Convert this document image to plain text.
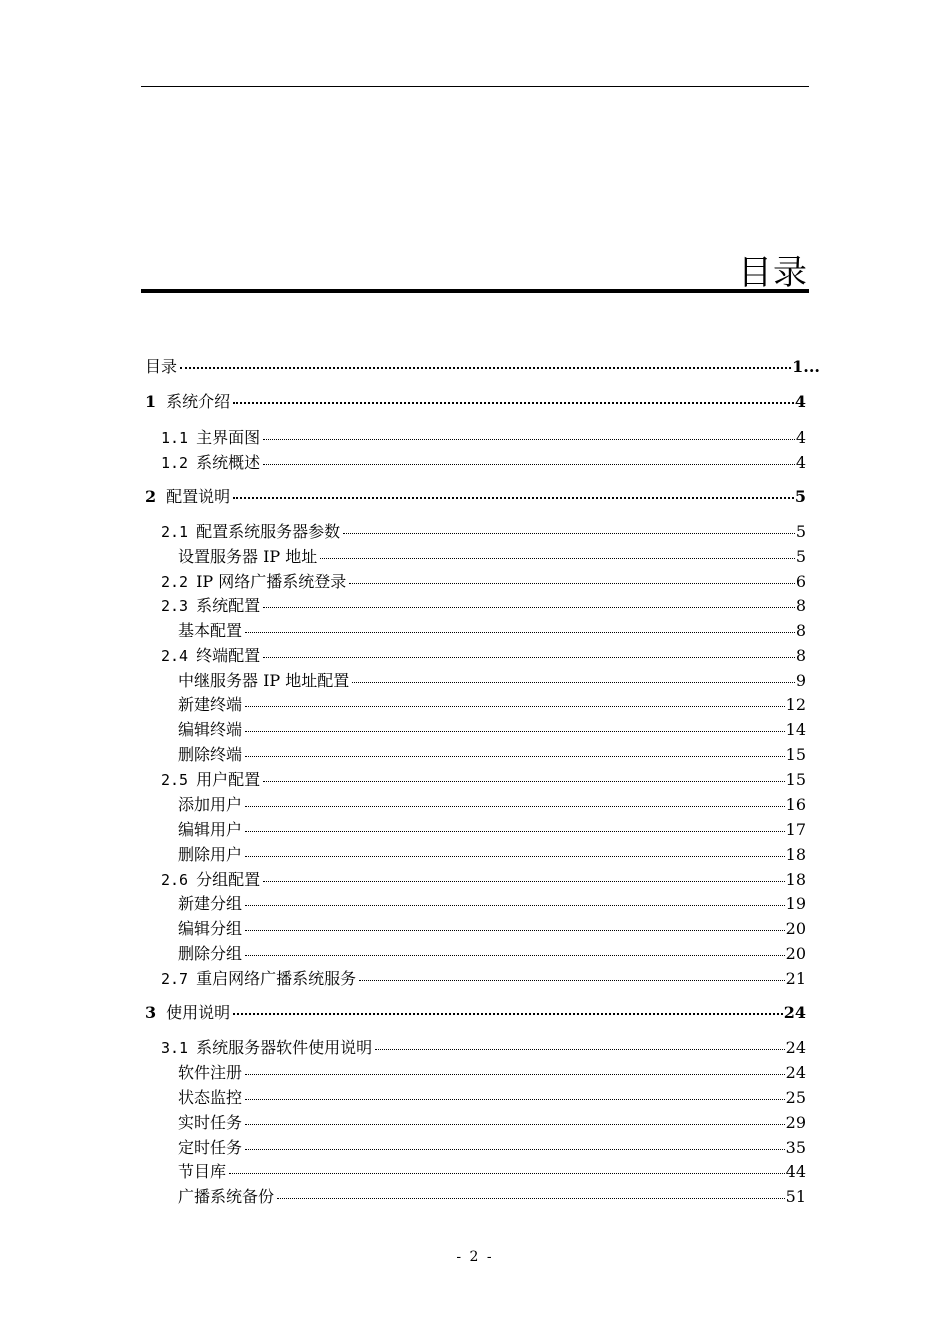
目录
目录	1...
1 系统介绍	4
1.1 主界面图	4
1.2 系统概述	4
2 配置说明	5
2.1 配置系统服务器参数	5
设置服务器 IP 地址	5
2.2 IP 网络广播系统登录	6
2.3 系统配置	8
基本配置	8
2.4 终端配置	8
中继服务器 IP 地址配置	9
新建终端	12
编辑终端	14
删除终端	15
2.5 用户配置	15
添加用户	16
编辑用户	17
删除用户	18
2.6 分组配置	18
新建分组	19
编辑分组	20
删除分组	20
2.7 重启网络广播系统服务	21
3 使用说明	24
3.1 系统服务器软件使用说明	24
软件注册	24
状态监控	25
实时任务	29
定时任务	35
节目库	44
广播系统备份	51
- 2 -
